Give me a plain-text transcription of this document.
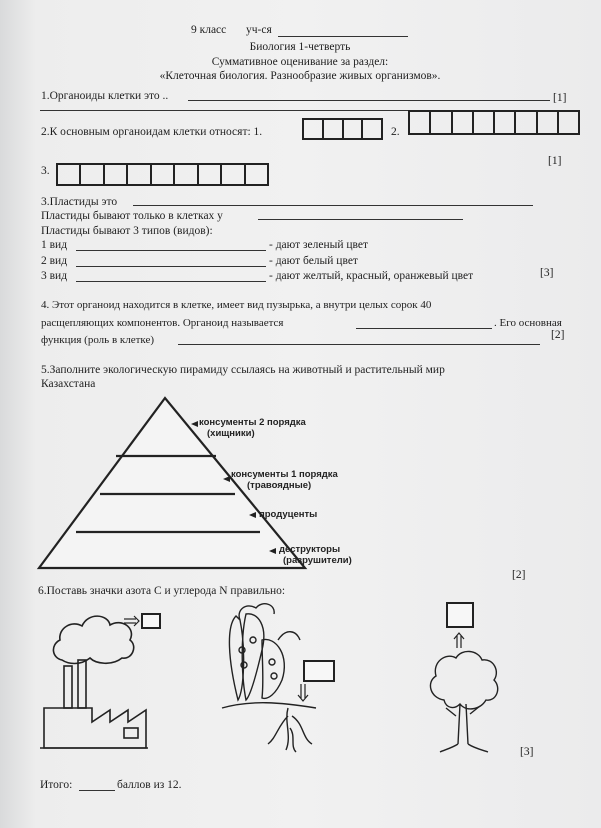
9 класс уч-ся
Биология 1-четверть
Суммативное оценивание за раздел:
«Клеточная биология. Разнообразие живых организмов».
1.Органоиды клетки это ..	[1]
2.К основным органоидам клетки относят: 1.	2.
3.
[1]
3.Пластиды это
Пластиды бывают только в клетках у
Пластиды бывают 3 типов (видов):
1 вид	- дают зеленый цвет
2 вид	- дают белый цвет
3 вид	- дают желтый, красный, оранжевый цвет	[3]
4. Этот органоид находится в клетке, имеет вид пузырька, а внутри целых сорок 40
расщепляющих компонентов. Органоид называется	. Его основная
функция (роль в клетке)	[2]
5.Заполните экологическую пирамиду ссылаясь на животный и растительный мир
Казахстана
консументы 2 порядка
(хищники)
консументы 1 порядка
(травоядные)
продуценты
деструкторы
(разрушители)
[2]
6.Поставь значки азота С и углерода N правильно:
[3]
Итого:	баллов из 12.
